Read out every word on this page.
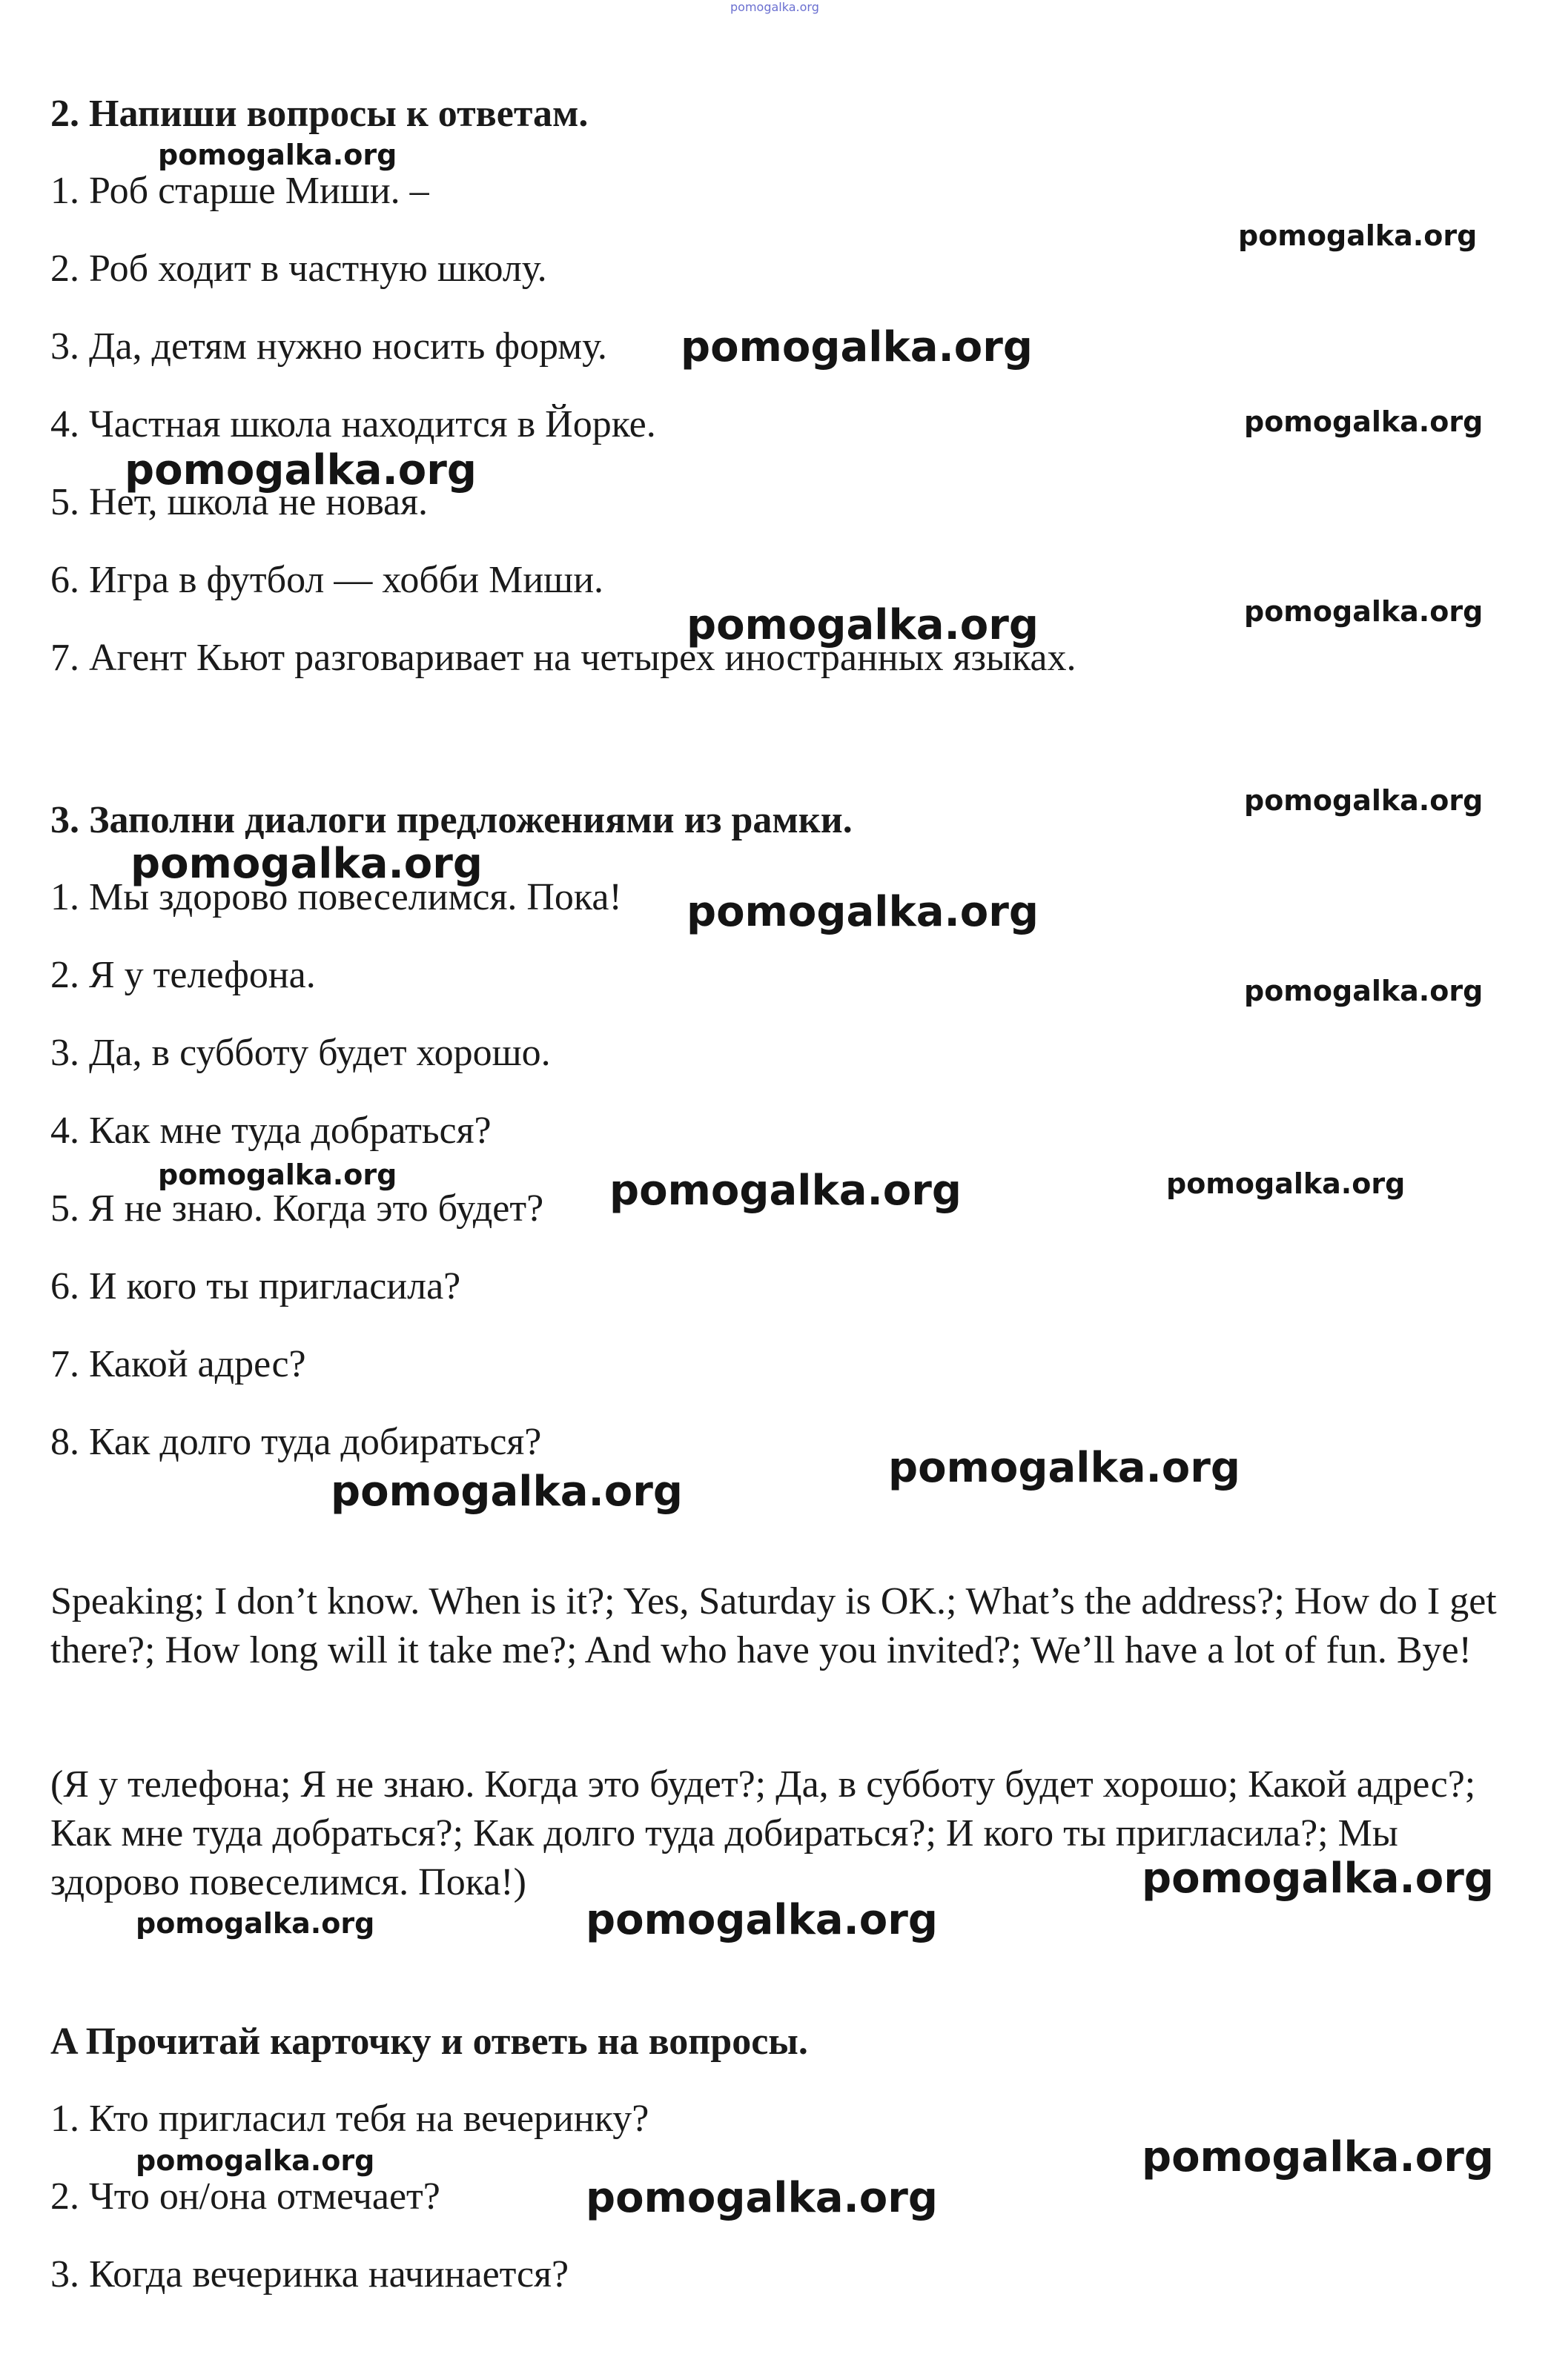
pomogalka.org
2. Напиши вопросы к ответам.
1. Роб старше Миши. –
2. Роб ходит в частную школу.
3. Да, детям нужно носить форму.
4. Частная школа находится в Йорке.
5. Нет, школа не новая.
6. Игра в футбол — хобби Миши.
7. Агент Кьют разговаривает на четырех иностранных языках.
3. Заполни диалоги предложениями из рамки.
1. Мы здорово повеселимся. Пока!
2. Я у телефона.
3. Да, в субботу будет хорошо.
4. Как мне туда добраться?
5. Я не знаю. Когда это будет?
6. И кого ты пригласила?
7. Какой адрес?
8. Как долго туда добираться?
Speaking; I don’t know. When is it?; Yes, Saturday is OK.; What’s the address?; How do I get there?; How long will it take me?; And who have you invited?; We’ll have a lot of fun. Bye!
(Я у телефона; Я не знаю. Когда это будет?; Да, в субботу будет хорошо; Какой адрес?; Как мне туда добраться?; Как долго туда добираться?; И кого ты пригласила?; Мы здорово повеселимся. Пока!)
A Прочитай карточку и ответь на вопросы.
1. Кто пригласил тебя на вечеринку?
2. Что он/она отмечает?
3. Когда вечеринка начинается?
pomogalka.org
pomogalka.org
pomogalka.org
pomogalka.org
pomogalka.org
pomogalka.org
pomogalka.org
pomogalka.org
pomogalka.org
pomogalka.org
pomogalka.org
pomogalka.org	pomogalka.org	pomogalka.org
pomogalka.org
pomogalka.org
pomogalka.org
pomogalka.org	pomogalka.org
pomogalka.org	pomogalka.org
pomogalka.org
